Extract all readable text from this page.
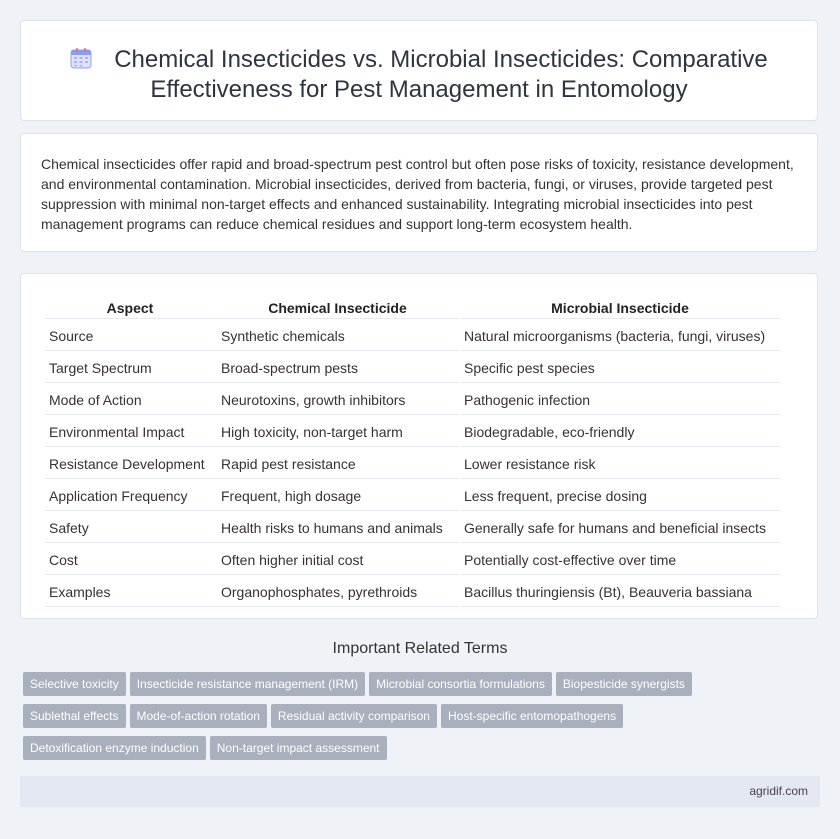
Chemical Insecticides vs. Microbial Insecticides: Comparative
Effectiveness for Pest Management in Entomology
Chemical insecticides offer rapid and broad-spectrum pest control but often pose risks of toxicity, resistance development, and environmental contamination. Microbial insecticides, derived from bacteria, fungi, or viruses, provide targeted pest suppression with minimal non-target effects and enhanced sustainability. Integrating microbial insecticides into pest management programs can reduce chemical residues and support long-term ecosystem health.
Aspect	Chemical Insecticide	Microbial Insecticide
Source	Synthetic chemicals	Natural microorganisms (bacteria, fungi, viruses)
Target Spectrum	Broad-spectrum pests	Specific pest species
Mode of Action	Neurotoxins, growth inhibitors	Pathogenic infection
Environmental Impact	High toxicity, non-target harm	Biodegradable, eco-friendly
Resistance Development	Rapid pest resistance	Lower resistance risk
Application Frequency	Frequent, high dosage	Less frequent, precise dosing
Safety	Health risks to humans and animals	Generally safe for humans and beneficial insects
Cost	Often higher initial cost	Potentially cost-effective over time
Examples	Organophosphates, pyrethroids	Bacillus thuringiensis (Bt), Beauveria bassiana
Important Related Terms
Selective toxicity Insecticide resistance management (IRM) Microbial consortia formulations Biopesticide synergists
Sublethal effects Mode-of-action rotation Residual activity comparison Host-specific entomopathogens
Detoxification enzyme induction Non-target impact assessment
agridif.com
